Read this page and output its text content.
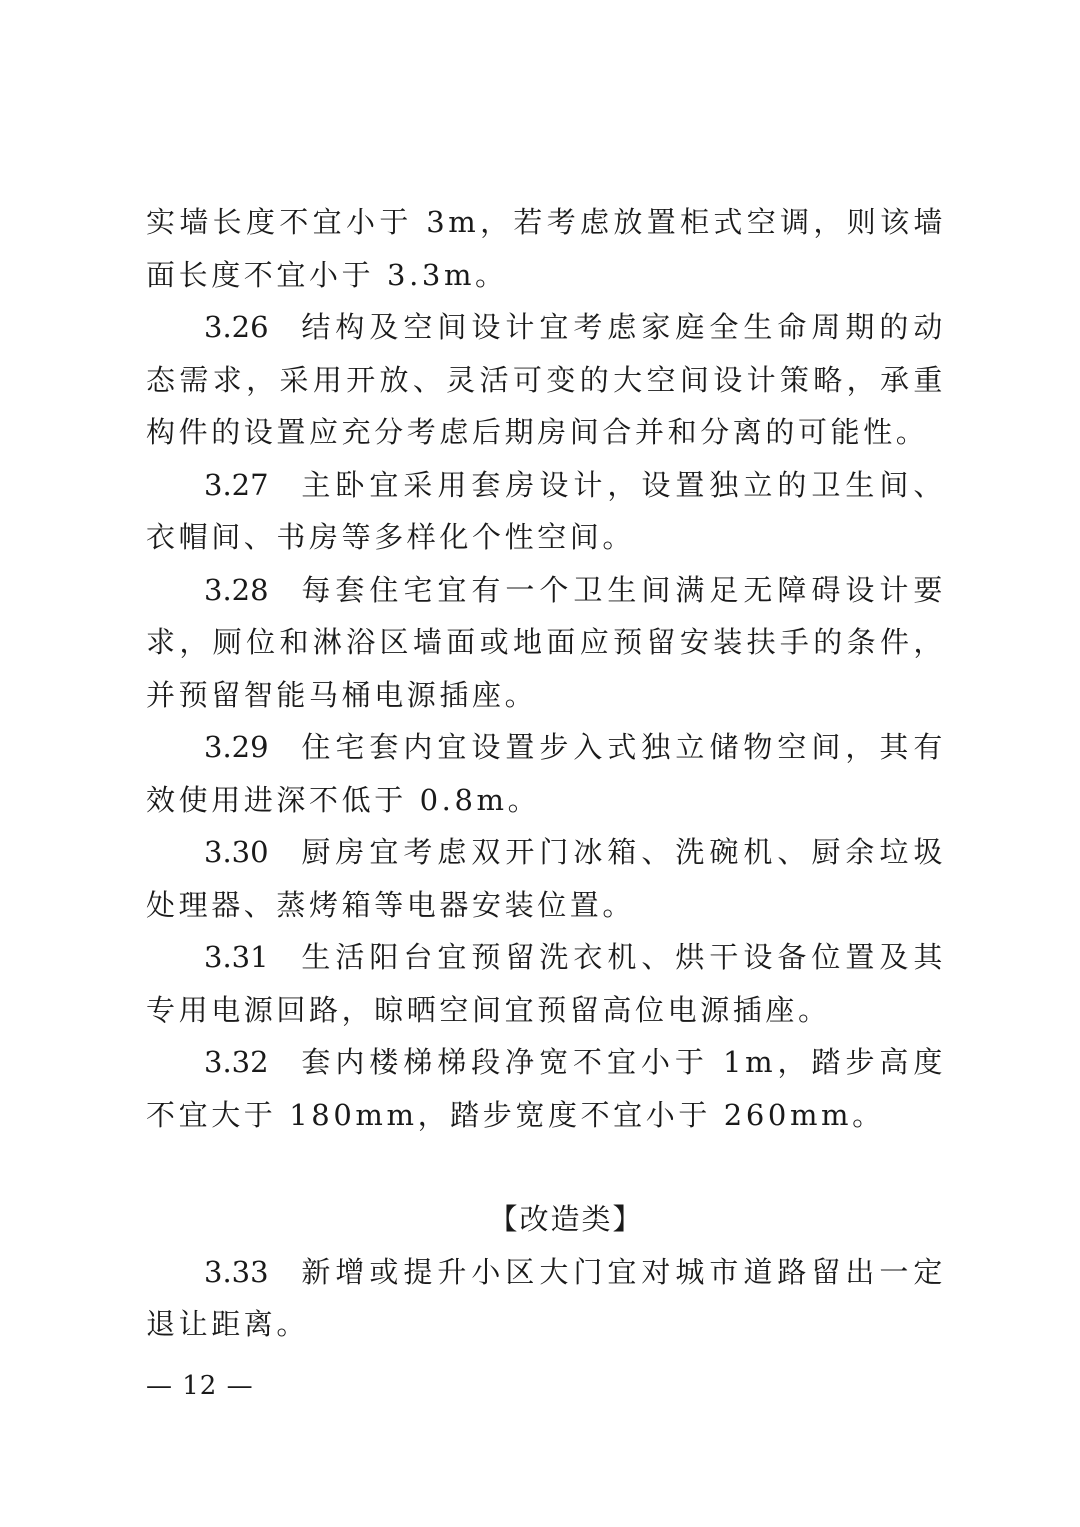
实墙长度不宜小于 3m，若考虑放置柜式空调，则该墙面长度不宜小于 3.3m。

3.26 结构及空间设计宜考虑家庭全生命周期的动态需求，采用开放、灵活可变的大空间设计策略，承重构件的设置应充分考虑后期房间合并和分离的可能性。

3.27 主卧宜采用套房设计，设置独立的卫生间、衣帽间、书房等多样化个性空间。

3.28 每套住宅宜有一个卫生间满足无障碍设计要求，厕位和淋浴区墙面或地面应预留安装扶手的条件，并预留智能马桶电源插座。

3.29 住宅套内宜设置步入式独立储物空间，其有效使用进深不低于 0.8m。

3.30 厨房宜考虑双开门冰箱、洗碗机、厨余垃圾处理器、蒸烤箱等电器安装位置。

3.31 生活阳台宜预留洗衣机、烘干设备位置及其专用电源回路，晾晒空间宜预留高位电源插座。

3.32 套内楼梯梯段净宽不宜小于 1m，踏步高度不宜大于 180mm，踏步宽度不宜小于 260mm。

【改造类】

3.33 新增或提升小区大门宜对城市道路留出一定退让距离。

— 12 —
